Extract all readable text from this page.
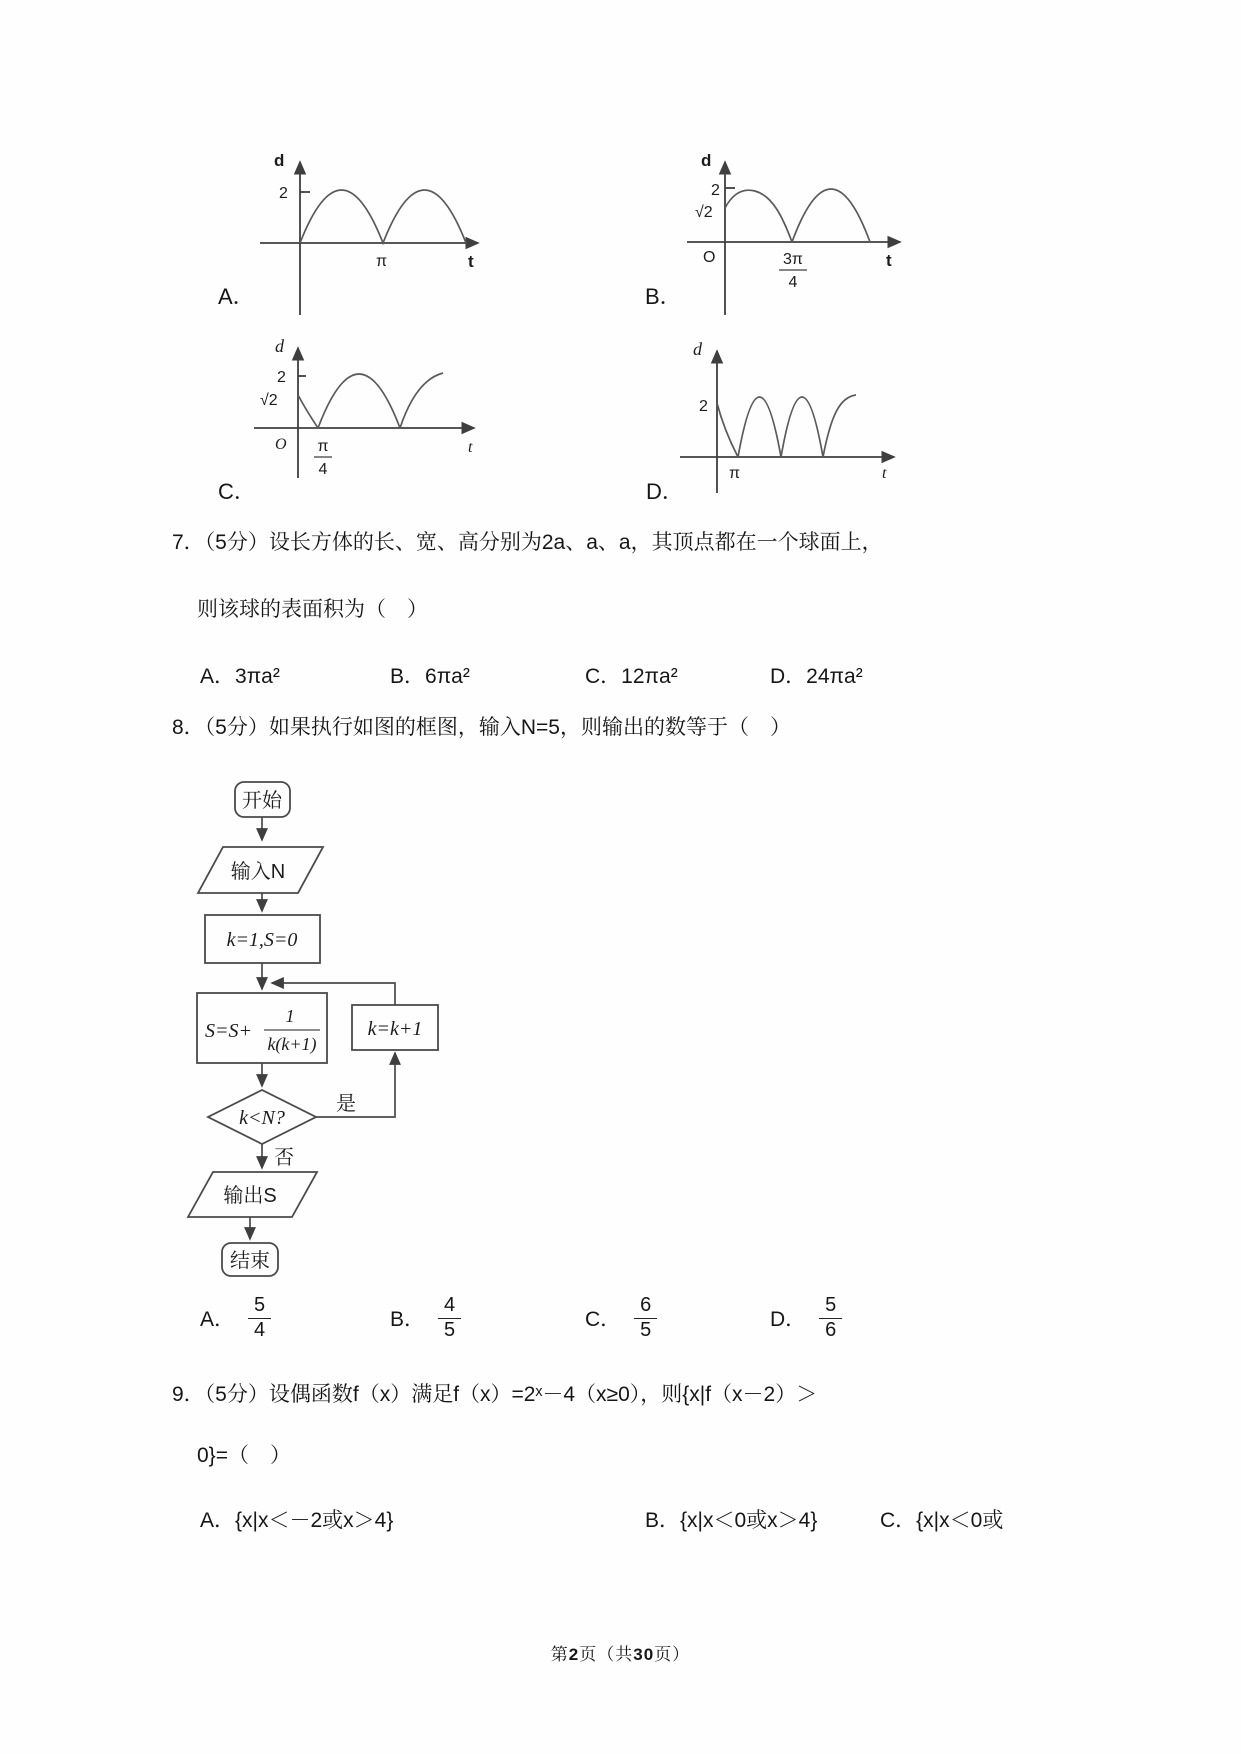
d
2
π	t
A．
d
2
√2
O	3π
4
t
B．
d
2
√2
O π
4
t
C．
d
2
π	t
D．
7．（5分）设长方体的长、宽、高分别为2a、a、a，其顶点都在一个球面上，
则该球的表面积为（　）
A．3πa²	B．6πa²	C．12πa²	D．24πa²
8．（5分）如果执行如图的框图，输入N=5，则输出的数等于（　）
开始
输入N
k=1,S=0
S=S+
1
k(k+1)
k=k+1
k<N?
是
否
输出S
结束
A． $\frac{5}{4}$	B． $\frac{4}{5}$	C． $\frac{6}{5}$	D． $\frac{5}{6}$
9．（5分）设偶函数f（x）满足f（x）=2ˣ－4（x≥0），则{x|f（x－2）＞
0}=（　）
A．{x|x＜－2或x＞4}	B．{x|x＜0或x＞4}	C．{x|x＜0或
第2页（共30页）
